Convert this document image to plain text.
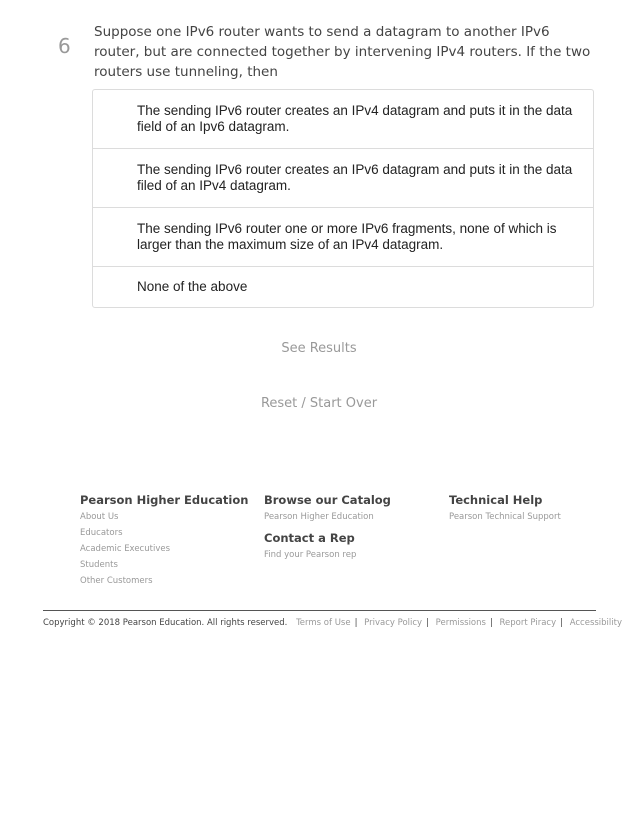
6
Suppose one IPv6 router wants to send a datagram to another IPv6 router, but are connected together by intervening IPv4 routers. If the two routers use tunneling, then
The sending IPv6 router creates an IPv4 datagram and puts it in the data field of an Ipv6 datagram.
The sending IPv6 router creates an IPv6 datagram and puts it in the data filed of an IPv4 datagram.
The sending IPv6 router one or more IPv6 fragments, none of which is larger than the maximum size of an IPv4 datagram.
None of the above
See Results
Reset / Start Over
Pearson Higher Education
About Us
Educators
Academic Executives
Students
Other Customers
Browse our Catalog
Pearson Higher Education
Contact a Rep
Find your Pearson rep
Technical Help
Pearson Technical Support
Copyright © 2018 Pearson Education. All rights reserved. Terms of Use | Privacy Policy | Permissions | Report Piracy | Accessibility
